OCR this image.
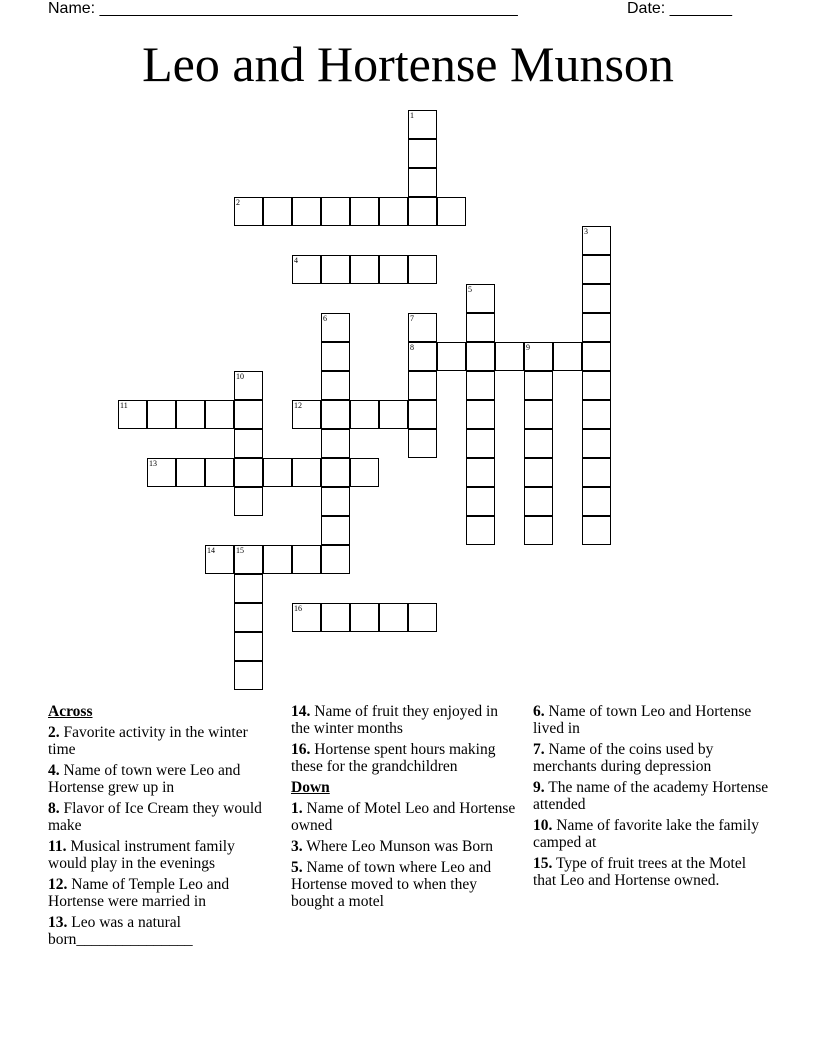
Name: _______________________________________________	Date: _______
Leo and Hortense Munson
1
2
3
4
5
6	7
8	9
10
11	12
13
14	15
16
Across
2. Favorite activity in the winter time
4. Name of town were Leo and Hortense grew up in
8. Flavor of Ice Cream they would make
11. Musical instrument family would play in the evenings
12. Name of Temple Leo and Hortense were married in
13. Leo was a natural born_______________
14. Name of fruit they enjoyed in the winter months
16. Hortense spent hours making these for the grandchildren
Down
1. Name of Motel Leo and Hortense owned
3. Where Leo Munson was Born
5. Name of town where Leo and Hortense moved to when they bought a motel
6. Name of town Leo and Hortense lived in
7. Name of the coins used by merchants during depression
9. The name of the academy Hortense attended
10. Name of favorite lake the family camped at
15. Type of fruit trees at the Motel that Leo and Hortense owned.
